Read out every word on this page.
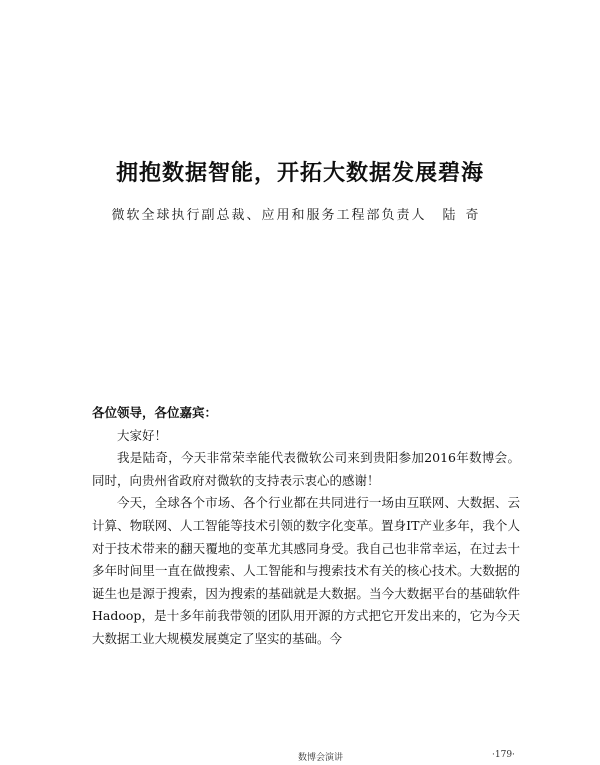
拥抱数据智能，开拓大数据发展碧海
微软全球执行副总裁、应用和服务工程部负责人 陆奇

各位领导，各位嘉宾：

大家好！

我是陆奇，今天非常荣幸能代表微软公司来到贵阳参加2016年数博会。同时，向贵州省政府对微软的支持表示衷心的感谢！

今天，全球各个市场、各个行业都在共同进行一场由互联网、大数据、云计算、物联网、人工智能等技术引领的数字化变革。置身IT产业多年，我个人对于技术带来的翻天覆地的变革尤其感同身受。我自己也非常幸运，在过去十多年时间里一直在做搜索、人工智能和与搜索技术有关的核心技术。大数据的诞生也是源于搜索，因为搜索的基础就是大数据。当今大数据平台的基础软件Hadoop，是十多年前我带领的团队用开源的方式把它开发出来的，它为今天大数据工业大规模发展奠定了坚实的基础。今

数博会演讲	·179·
